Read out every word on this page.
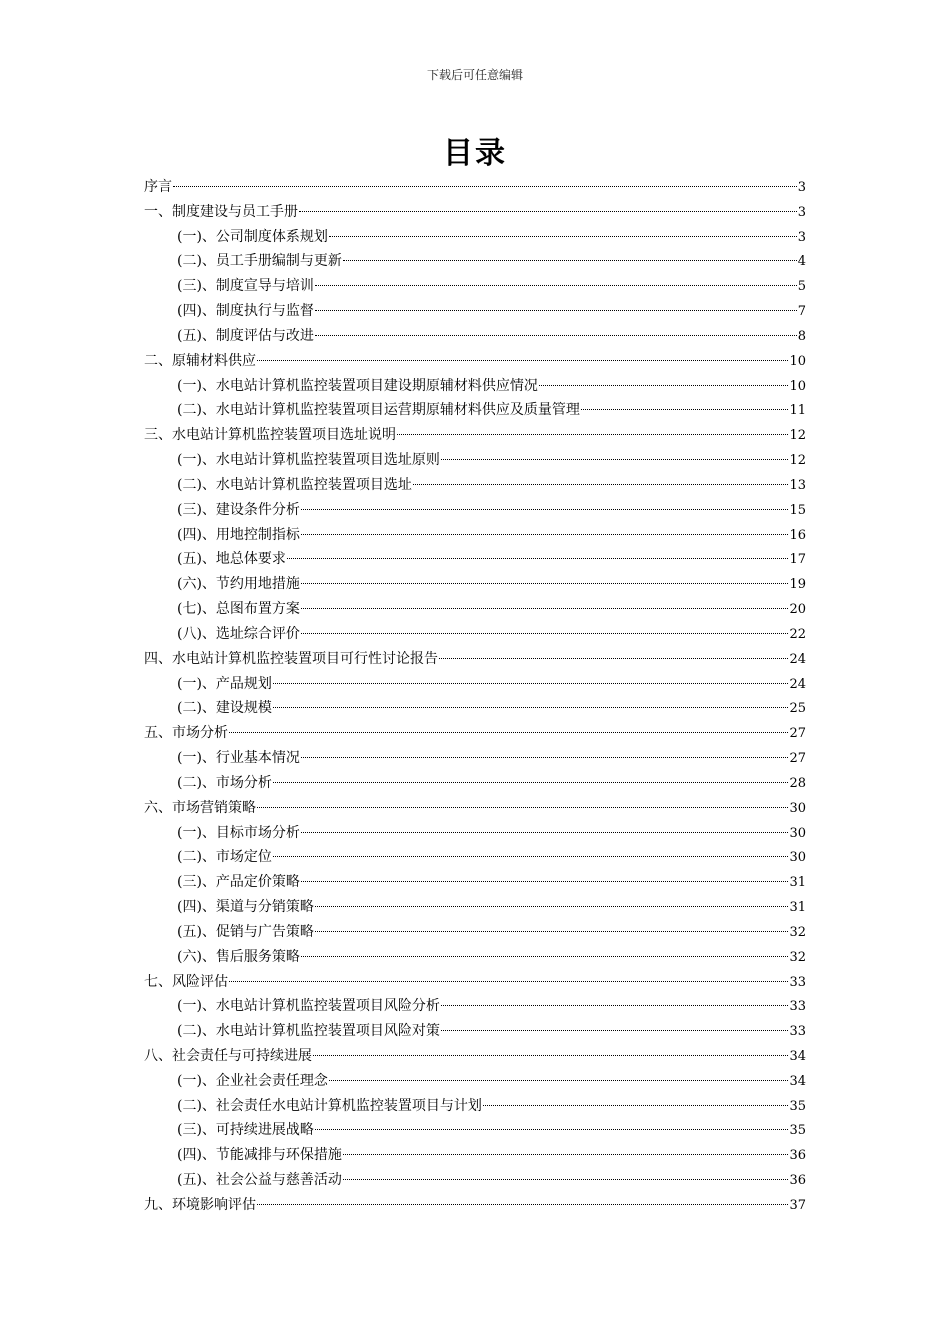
下载后可任意编辑
目录
序言	3
一、制度建设与员工手册	3
(一)、公司制度体系规划	3
(二)、员工手册编制与更新	4
(三)、制度宣导与培训	5
(四)、制度执行与监督	7
(五)、制度评估与改进	8
二、原辅材料供应	10
(一)、水电站计算机监控装置项目建设期原辅材料供应情况	10
(二)、水电站计算机监控装置项目运营期原辅材料供应及质量管理	11
三、水电站计算机监控装置项目选址说明	12
(一)、水电站计算机监控装置项目选址原则	12
(二)、水电站计算机监控装置项目选址	13
(三)、建设条件分析	15
(四)、用地控制指标	16
(五)、地总体要求	17
(六)、节约用地措施	19
(七)、总图布置方案	20
(八)、选址综合评价	22
四、水电站计算机监控装置项目可行性讨论报告	24
(一)、产品规划	24
(二)、建设规模	25
五、市场分析	27
(一)、行业基本情况	27
(二)、市场分析	28
六、市场营销策略	30
(一)、目标市场分析	30
(二)、市场定位	30
(三)、产品定价策略	31
(四)、渠道与分销策略	31
(五)、促销与广告策略	32
(六)、售后服务策略	32
七、风险评估	33
(一)、水电站计算机监控装置项目风险分析	33
(二)、水电站计算机监控装置项目风险对策	33
八、社会责任与可持续进展	34
(一)、企业社会责任理念	34
(二)、社会责任水电站计算机监控装置项目与计划	35
(三)、可持续进展战略	35
(四)、节能减排与环保措施	36
(五)、社会公益与慈善活动	36
九、环境影响评估	37
